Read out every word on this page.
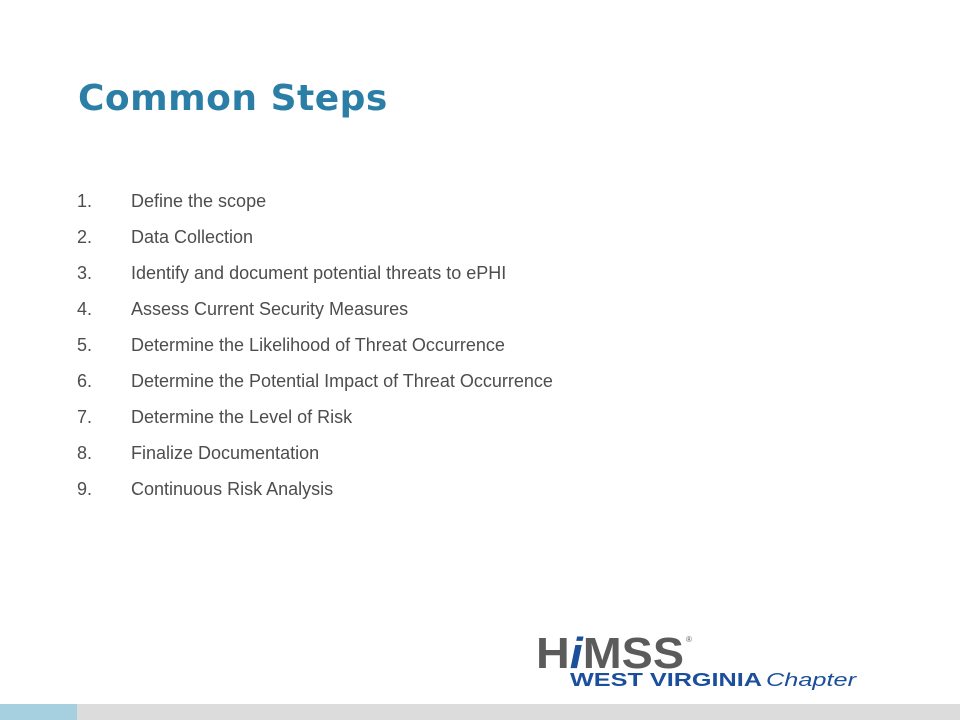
Common Steps
1.	Define the scope
2.	Data Collection
3.	Identify and document potential threats to ePHI
4.	Assess Current Security Measures
5.	Determine the Likelihood of Threat Occurrence
6.	Determine the Potential Impact of Threat Occurrence
7.	Determine the Level of Risk
8.	Finalize Documentation
9.	Continuous Risk Analysis
HiMSS ®
WEST VIRGINIA Chapter
